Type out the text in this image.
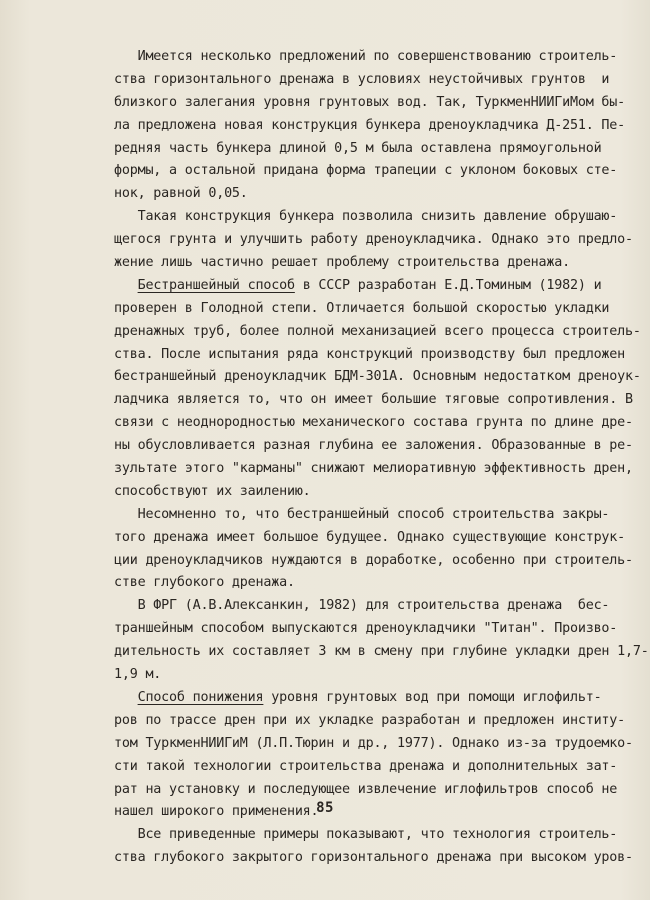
Имеется несколько предложений по совершенствованию строитель-
ства горизонтального дренажа в условиях неустойчивых грунтов  и
близкого залегания уровня грунтовых вод. Так, ТуркменНИИГиМом бы-
ла предложена новая конструкция бункера дреноукладчика Д-251. Пе-
редняя часть бункера длиной 0,5 м была оставлена прямоугольной
формы, а остальной придана форма трапеции с уклоном боковых сте-
нок, равной 0,05.
Такая конструкция бункера позволила снизить давление обрушаю-
щегося грунта и улучшить работу дреноукладчика. Однако это предло-
жение лишь частично решает проблему строительства дренажа.
Бестраншейный способ в СССР разработан Е.Д.Томиным (1982) и
проверен в Голодной степи. Отличается большой скоростью укладки
дренажных труб, более полной механизацией всего процесса строитель-
ства. После испытания ряда конструкций производству был предложен
бестраншейный дреноукладчик БДМ-301А. Основным недостатком дреноук-
ладчика является то, что он имеет большие тяговые сопротивления. В
связи с неоднородностью механического состава грунта по длине дре-
ны обусловливается разная глубина ее заложения. Образованные в ре-
зультате этого "карманы" снижают мелиоративную эффективность дрен,
способствуют их заилению.
Несомненно то, что бестраншейный способ строительства закры-
того дренажа имеет большое будущее. Однако существующие конструк-
ции дреноукладчиков нуждаются в доработке, особенно при строитель-
стве глубокого дренажа.
В ФРГ (А.В.Алексанкин, 1982) для строительства дренажа  бес-
траншейным способом выпускаются дреноукладчики "Титан". Произво-
дительность их составляет 3 км в смену при глубине укладки дрен 1,7-
1,9 м.
Способ понижения уровня грунтовых вод при помощи иглофильт-
ров по трассе дрен при их укладке разработан и предложен институ-
том ТуркменНИИГиМ (Л.П.Тюрин и др., 1977). Однако из-за трудоемко-
сти такой технологии строительства дренажа и дополнительных зат-
рат на установку и последующее извлечение иглофильтров способ не
нашел широкого применения.
Все приведенные примеры показывают, что технология строитель-
ства глубокого закрытого горизонтального дренажа при высоком уров-
85
